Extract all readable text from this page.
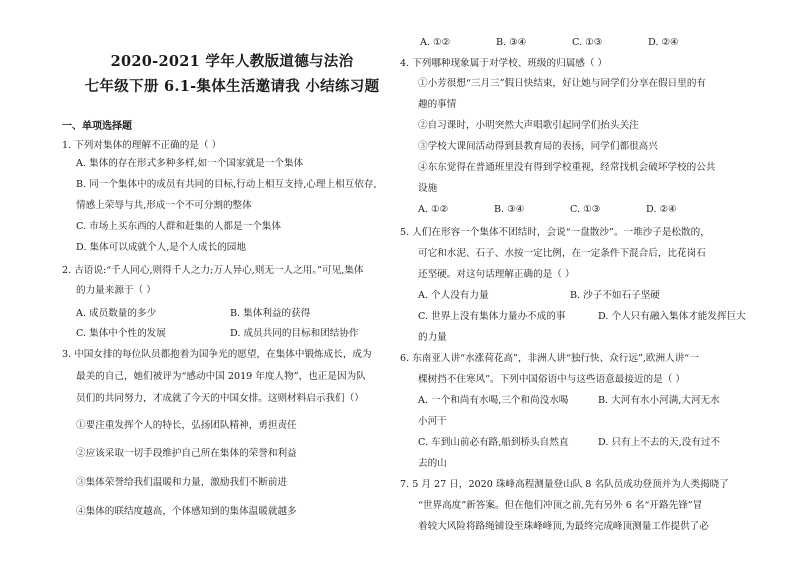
2020-2021 学年人教版道德与法治
七年级下册 6.1-集体生活邀请我 小结练习题
一、单项选择题
1. 下列对集体的理解不正确的是（ ）
A. 集体的存在形式多种多样,如一个国家就是一个集体
B. 同一个集体中的成员有共同的目标,行动上相互支持,心理上相互依存,
情感上荣辱与共,形成一个不可分割的整体
C. 市场上买东西的人群和赶集的人都是一个集体
D. 集体可以成就个人,是个人成长的园地
2. 古语说:“千人同心,则得千人之力;万人异心,则无一人之用。”可见,集体
的力量来源于（ ）
A. 成员数量的多少	B. 集体利益的获得
C. 集体中个性的发展	D. 成员共同的目标和团结协作
3. 中国女排的每位队员都抱着为国争光的愿望，在集体中锻炼成长，成为
最美的自己，她们被评为“感动中国 2019 年度人物”，也正是因为队
员们的共同努力，才成就了今天的中国女排。这则材料启示我们（）
①要注重发挥个人的特长，弘扬团队精神，勇担责任
②应该采取一切手段维护自己所在集体的荣誉和利益
③集体荣誉给我们温暖和力量，激励我们不断前进
④集体的联结度越高，个体感知到的集体温暖就越多
A. ①②	B. ③④	C. ①③	D. ②④
4. 下列哪种现象属于对学校、班级的归属感（ ）
①小芳很想“三月三”假日快结束，好让她与同学们分享在假日里的有
趣的事情
②自习课时，小明突然大声唱歌引起同学们抬头关注
③学校大课间活动得到县教育局的表扬，同学们都很高兴
④东东觉得在普通班里没有得到学校重视，经常找机会破坏学校的公共
设施
A. ①②	B. ③④	C. ①③	D. ②④
5. 人们在形容一个集体不团结时，会说“一盘散沙”。一堆沙子是松散的，
可它和水泥、石子、水按一定比例，在一定条件下混合后，比花岗石
还坚硬。对这句话理解正确的是（ ）
A. 个人没有力量	B. 沙子不如石子坚硬
C. 世界上没有集体力量办不成的事	D. 个人只有融入集体才能发挥巨大
的力量
6. 东南亚人讲“水涨荷花高”，非洲人讲“独行快、众行远”,欧洲人讲“一
棵树挡不住寒风”。下列中国俗语中与这些语意最接近的是（ ）
A. 一个和尚有水喝,三个和尚没水喝	B. 大河有水小河满,大河无水
小河干
C. 车到山前必有路,船到桥头自然直	D. 只有上不去的天,没有过不
去的山
7. 5 月 27 日，2020 珠峰高程测量登山队 8 名队员成功登顶并为人类揭晓了
“世界高度”新答案。但在他们冲顶之前,先有另外 6 名“开路先锋”冒
着较大风险将路绳铺设至珠峰峰顶,为最终完成峰顶测量工作提供了必
